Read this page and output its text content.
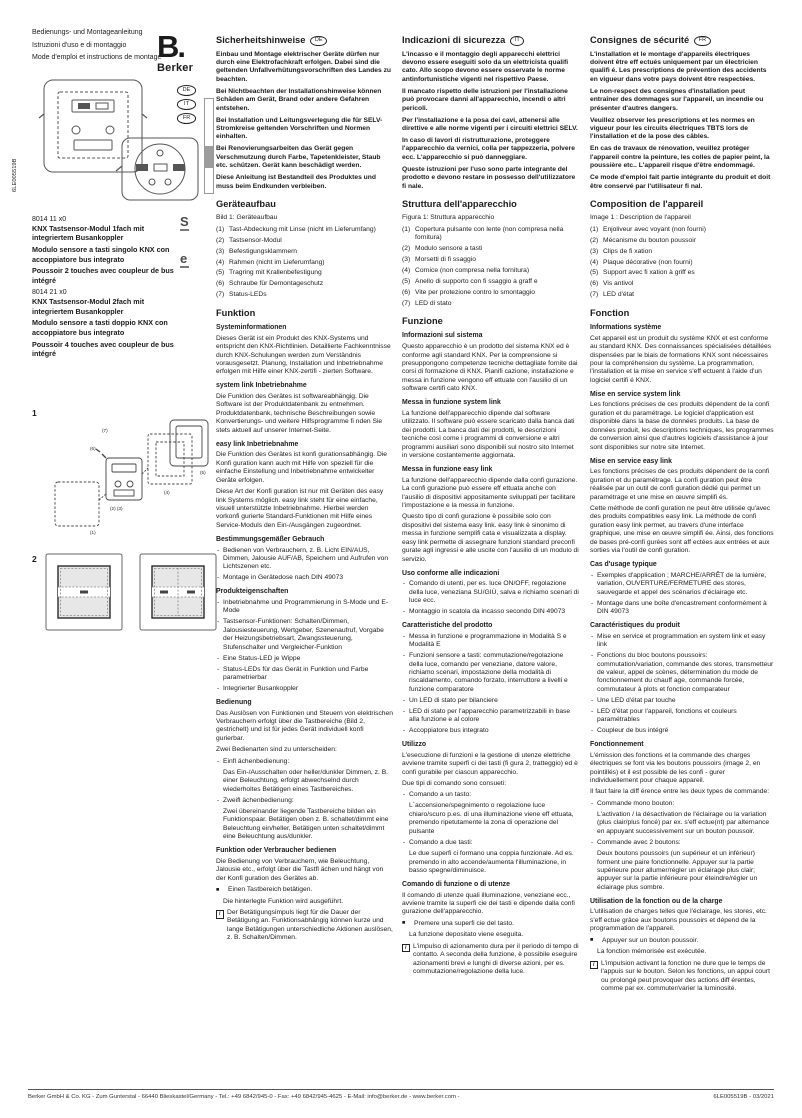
Bedienungs- und Montageanleitung
Istruzioni d'uso e di montaggio
Mode d'emploi et instructions de montage
B.
Berker
DE
IT
FR
6LE005519B
8014 11 x0
KNX Tastsensor-Modul 1fach mit integriertem Busankoppler
Modulo sensore a tasti singolo KNX con accoppiatore bus integrato
Poussoir 2 touches avec coupleur de bus intégré
8014 21 x0
KNX Tastsensor-Modul 2fach mit integriertem Busankoppler
Modulo sensore a tasti doppio KNX con accoppiatore bus integrato
Poussoir 4 touches avec coupleur de bus intégré
S
e
1
(1)
(2) (3)
(4)
(5)
(6)
(7)
2
Sicherheitshinweise DE
Einbau und Montage elektrischer Geräte dürfen nur durch eine Elektrofachkraft erfolgen. Dabei sind die geltenden Unfallverhütungsvorschriften des Landes zu beachten.
Bei Nichtbeachten der Installationshinweise können Schäden am Gerät, Brand oder andere Gefahren entstehen.
Bei Installation und Leitungsverlegung die für SELV-Stromkreise geltenden Vorschriften und Normen einhalten.
Bei Renovierungsarbeiten das Gerät gegen Verschmutzung durch Farbe, Tapetenkleister, Staub etc. schützen. Gerät kann beschädigt werden.
Diese Anleitung ist Bestandteil des Produktes und muss beim Endkunden verbleiben.
Geräteaufbau
Bild 1: Geräteaufbau
(1) Tast-Abdeckung mit Linse (nicht im Lieferumfang)
(2) Tastsensor-Modul
(3) Befestigungsklammern
(4) Rahmen (nicht im Lieferumfang)
(5) Tragring mit Krallenbefestigung
(6) Schraube für Demontageschutz
(7) Status-LEDs
Funktion
Systeminformationen
Dieses Gerät ist ein Produkt des KNX-Systems und entspricht den KNX-Richtlinien. Detaillierte Fachkenntnisse durch KNX-Schulungen werden zum Verständnis vorausgesetzt. Planung, Installation und Inbetriebnahme erfolgen mit Hilfe einer KNX-zertifi - zierten Software.
system link Inbetriebnahme
Die Funktion des Gerätes ist softwareabhängig. Die Software ist der Produktdatenbank zu entnehmen. Produktdatenbank, technische Beschreibungen sowie Konvertierungs- und weitere Hilfsprogramme fi nden Sie stets aktuell auf unserer Internet-Seite.
easy link Inbetriebnahme
Die Funktion des Gerätes ist konfi gurationsabhängig. Die Konfi guration kann auch mit Hilfe von speziell für die einfache Einstellung und Inbetriebnahme entwickelter Geräte erfolgen.
Diese Art der Konfi guration ist nur mit Geräten des easy link Systems möglich. easy link steht für eine einfache, visuell unterstützte Inbetriebnahme. Hierbei werden vorkonfi gurierte Standard-Funktionen mit Hilfe eines Service-Moduls den Ein-/Ausgängen zugeordnet.
Bestimmungsgemäßer Gebrauch
- Bedienen von Verbrauchern, z. B. Licht EIN/AUS, Dimmen, Jalousie AUF/AB, Speichern und Aufrufen von Lichtszenen etc.
- Montage in Gerätedose nach DIN 49073
Produkteigenschaften
- Inbetriebnahme und Programmierung in S-Mode und E-Mode
- Tastsensor-Funktionen: Schalten/Dimmen, Jalousiesteuerung, Wertgeber, Szenenaufruf, Vorgabe der Heizungsbetriebsart, Zwangssteuerung, Stufenschalter und Vergleicher-Funktion
- Eine Status-LED je Wippe
- Status-LEDs für das Gerät in Funktion und Farbe parametrierbar
- Integrierter Busankoppler
Bedienung
Das Auslösen von Funktionen und Steuern von elektrischen Verbrauchern erfolgt über die Tastbereiche (Bild 2, gestrichelt) und ist für jedes Gerät individuell konfi gurierbar.
Zwei Bedienarten sind zu unterscheiden:
- Einfl ächenbedienung:
Das Ein-/Ausschalten oder heller/dunkler Dimmen, z. B. einer Beleuchtung, erfolgt abwechselnd durch wiederholtes Betätigen eines Tastbereiches.
- Zweifl ächenbedienung:
Zwei übereinander liegende Tastbereiche bilden ein Funktionspaar. Betätigen oben z. B. schaltet/dimmt eine Beleuchtung ein/heller, Betätigen unten schaltet/dimmt eine Beleuchtung aus/dunkler.
Funktion oder Verbraucher bedienen
Die Bedienung von Verbrauchern, wie Beleuchtung, Jalousie etc., erfolgt über die Tastfl ächen und hängt von der Konfi guration des Gerätes ab.
■ Einen Tastbereich betätigen.
Die hinterlegte Funktion wird ausgeführt.
i Der Betätigungsimpuls liegt für die Dauer der Betätigung an. Funktionsabhängig können kurze und lange Betätigungen unterschiedliche Aktionen auslösen, z. B. Schalten/Dimmen.
Indicazioni di sicurezza IT
L'incasso e il montaggio degli apparecchi elettrici devono essere eseguiti solo da un elettricista qualifi cato. Allo scopo devono essere osservate le norme antinfortunistiche vigenti nel rispettivo Paese.
Il mancato rispetto delle istruzioni per l'installazione può provocare danni all'apparecchio, incendi o altri pericoli.
Per l'installazione e la posa dei cavi, attenersi alle direttive e alle norme vigenti per i circuiti elettrici SELV.
In caso di lavori di ristrutturazione, proteggere l'apparecchio da vernici, colla per tappezzeria, polvere ecc. L'apparecchio si può danneggiare.
Queste istruzioni per l'uso sono parte integrante del prodotto e devono restare in possesso dell'utilizzatore fi nale.
Struttura dell'apparecchio
Figura 1: Struttura apparecchio
(1) Copertura pulsante con lente (non compresa nella fornitura)
(2) Modulo sensore a tasti
(3) Morsetti di fi ssaggio
(4) Cornice (non compresa nella fornitura)
(5) Anello di supporto con fi ssaggio a graff e
(6) Vite per protezione contro lo smontaggio
(7) LED di stato
Funzione
Informazioni sul sistema
Questo apparecchio è un prodotto del sistema KNX ed è conforme agli standard KNX. Per la comprensione si presuppongono competenze tecniche dettagliate fornite dai corsi di formazione di KNX. Pianifi cazione, installazione e messa in funzione vengono eff ettuate con l'ausilio di un software certifi cato KNX.
Messa in funzione system link
La funzione dell'apparecchio dipende dal software utilizzato. Il software può essere scaricato dalla banca dati dei prodotti. La banca dati dei prodotti, le descrizioni tecniche così come i programmi di conversione e altri programmi ausiliari sono disponibili sul nostro sito Internet in versione costantemente aggiornata.
Messa in funzione easy link
La funzione dell'apparecchio dipende dalla confi gurazione. La confi gurazione può essere eff ettuata anche con l'ausilio di dispositivi appositamente sviluppati per facilitare l'impostazione e la messa in funzione.
Questo tipo di confi gurazione è possibile solo con dispositivi del sistema easy link. easy link è sinonimo di messa in funzione semplifi cata e visualizzata a display. easy link permette di assegnare funzioni standard preconfi gurate agli ingressi e alle uscite con l'ausilio di un modulo di servizio.
Uso conforme alle indicazioni
- Comando di utenti, per es. luce ON/OFF, regolazione della luce, veneziana SU/GIÙ, salva e richiamo scenari di luce ecc.
- Montaggio in scatola da incasso secondo DIN 49073
Caratteristiche del prodotto
- Messa in funzione e programmazione in Modalità S e Modalità E
- Funzioni sensore a tasti: commutazione/regolazione della luce, comando per veneziane, datore valore, richiamo scenari, impostazione della modalità di riscaldamento, comando forzato, interruttore a livelli e funzione comparatore
- Un LED di stato per bilanciere
- LED di stato per l'apparecchio parametrizzabili in base alla funzione e al colore
- Accoppiatore bus integrato
Utilizzo
L'esecuzione di funzioni e la gestione di utenze elettriche avviene tramite superfi ci dei tasti (fi gura 2, tratteggio) ed è confi gurabile per ciascun apparecchio.
Due tipi di comando sono consueti:
- Comando a un tasto:
L´accensione/spegnimento o regolazione luce chiaro/scuro p.es. di una illuminazione viene eff ettuata, premendo ripetutamente la zona di operazione del pulsante
- Comando a due tasti:
Le due superfi ci formano una coppia funzionale. Ad es. premendo in alto accende/aumenta l'illuminazione, in basso spegne/diminuisce.
Comando di funzione o di utenze
Il comando di utenze quali illuminazione, veneziane ecc., avviene tramite la superfi cie dei tasti e dipende dalla confi gurazione dell'apparecchio.
■ Premere una superfi cie del tasto.
La funzione depositato viene eseguita.
i L'impulso di azionamento dura per il periodo di tempo di contatto. A seconda della funzione, è possibile eseguire azionamenti brevi e lunghi di diverse azioni, per es. commutazione/regolazione della luce.
Consignes de sécurité FR
L'installation et le montage d'appareils électriques doivent être eff ectués uniquement par un électricien qualifi é. Les prescriptions de prévention des accidents en vigueur dans votre pays doivent être respectées.
Le non-respect des consignes d'installation peut entraîner des dommages sur l'appareil, un incendie ou présenter d'autres dangers.
Veuillez observer les prescriptions et les normes en vigueur pour les circuits électriques TBTS lors de l'installation et de la pose des câbles.
En cas de travaux de rénovation, veuillez protéger l'appareil contre la peinture, les colles de papier peint, la poussière etc.. L'appareil risque d'être endommagé.
Ce mode d'emploi fait partie intégrante du produit et doit être conservé par l'utilisateur fi nal.
Composition de l'appareil
Image 1 : Description de l'appareil
(1) Enjoliveur avec voyant (non fourni)
(2) Mécanisme du bouton poussoir
(3) Clips de fi xation
(4) Plaque décorative (non fourni)
(5) Support avec fi xation à griff es
(6) Vis antivol
(7) LED d'état
Fonction
Informations système
Cet appareil est un produit du système KNX et est conforme au standard KNX. Des connaissances spécialisées détaillées dispensées par le biais de formations KNX sont nécessaires pour la compréhension du système. La programmation, l'installation et la mise en service s'eff ectuent à l'aide d'un logiciel certifi é KNX.
Mise en service system link
Les fonctions précises de ces produits dépendent de la confi guration et du paramétrage. Le logiciel d'application est disponible dans la base de données produits. La base de données produit, les descriptions techniques, les programmes de conversion ainsi que d'autres logiciels d'assistance à jour sont disponibles sur notre site Internet.
Mise en service easy link
Les fonctions précises de ces produits dépendent de la confi guration et du paramétrage. La confi guration peut être réalisée par un outil de confi guration dédié qui permet un paramétrage et une mise en œuvre simplifi és.
Cette méthode de confi guration ne peut être utilisée qu'avec des produits compatibles easy link. La méthode de confi guration easy link permet, au travers d'une interface graphique, une mise en œuvre simplifi ée. Ainsi, des fonctions de bases pré-confi gurées sont aff ectées aux entrées et aux sorties via l'outil de confi guration.
Cas d'usage typique
- Exemples d'application ; MARCHE/ARRÊT de la lumière, variation, OUVERTURE/FERMETURE des stores, sauvegarde et appel des scénarios d'éclairage etc.
- Montage dans une boîte d'encastrement conformément à DIN 49073
Caractéristiques du produit
- Mise en service et programmation en system link et easy link
- Fonctions du bloc boutons poussoirs: commutation/variation, commande des stores, transmetteur de valeur, appel de scènes, détermination du mode de fonctionnement du chauff age, commande forcée, commutateur à plots et fonction comparateur
- Une LED d'état par touche
- LED d'état pour l'appareil, fonctions et couleurs paramétrables
- Coupleur de bus intégré
Fonctionnement
L'émission des fonctions et la commande des charges électriques se font via les boutons poussoirs (image 2, en pointillés) et il est possible de les confi - gurer individuellement pour chaque appareil.
Il faut faire la diff érence entre les deux types de commande:
- Commande mono bouton:
L'activation / la désactivation de l'éclairage ou la variation (plus clair/plus foncé) par ex. s'eff ectue(nt) par alternance en appuyant successivement sur un bouton poussoir.
- Commande avec 2 boutons:
Deux boutons poussoirs (un supérieur et un inférieur) forment une paire fonctionnelle. Appuyer sur la partie supérieure pour allumer/régler un éclairage plus clair; appuyer sur la partie inférieure pour éteindre/régler un éclairage plus sombre.
Utilisation de la fonction ou de la charge
L'utilisation de charges telles que l'éclairage, les stores, etc. s'eff ectue grâce aux boutons poussoirs et dépend de la programmation de l'appareil.
■ Appuyer sur un bouton poussoir.
La fonction mémorisée est exécutée.
i L'impulsion activant la fonction ne dure que le temps de l'appuis sur le bouton. Selon les fonctions, un appui court ou prolongé peut provoquer des actions diff érentes, comme par ex. commuter/varier la luminosité.
Berker GmbH & Co. KG - Zum Gunterstal - 66440 Blieskastel/Germany - Tel.: +49 6842/945-0 - Fax: +49 6842/945-4625 - E-Mail: info@berker.de - www.berker.com -	6LE005519B - 03/2021
